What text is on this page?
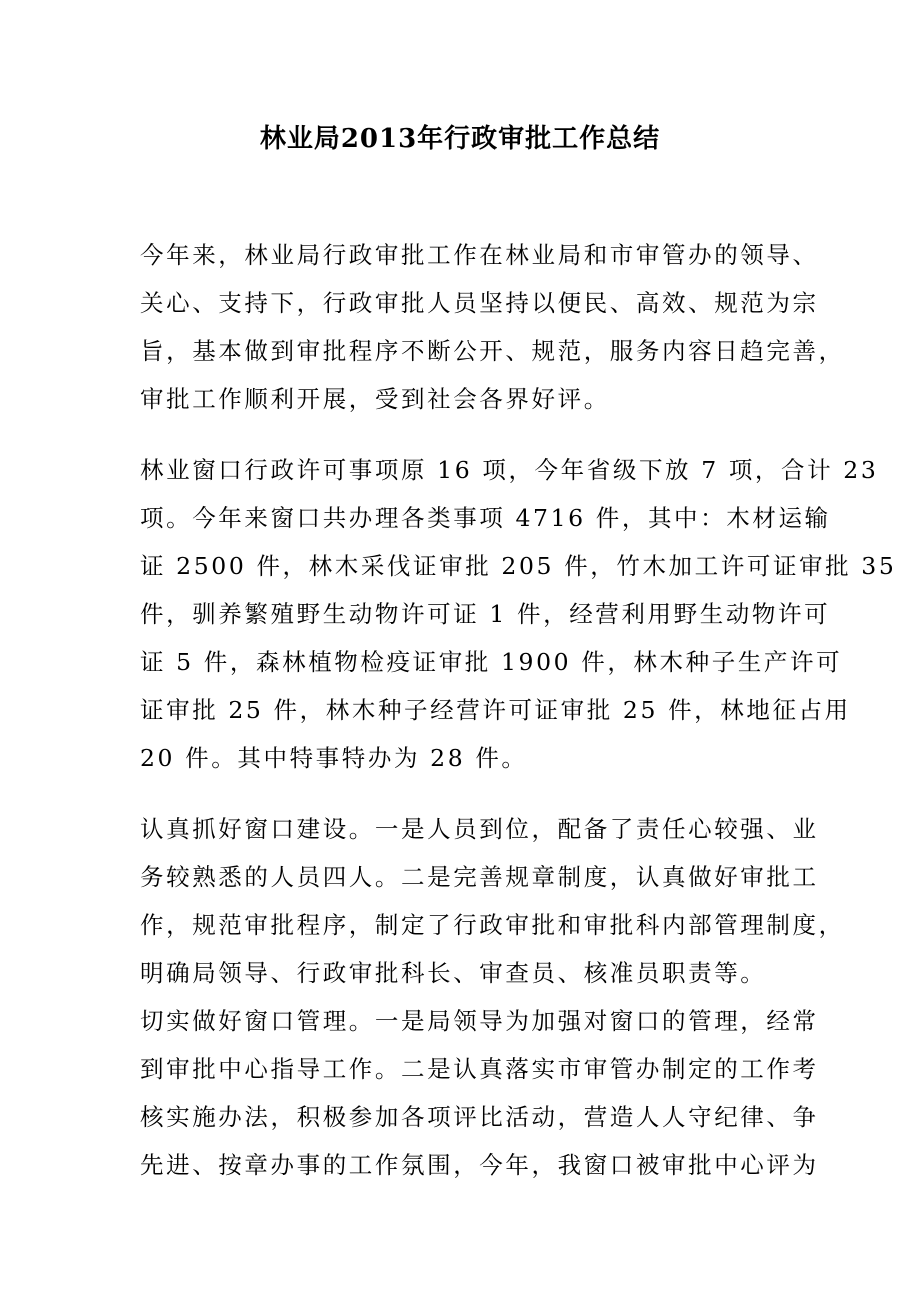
林业局2013年行政审批工作总结
今年来，林业局行政审批工作在林业局和市审管办的领导、
关心、支持下，行政审批人员坚持以便民、高效、规范为宗
旨，基本做到审批程序不断公开、规范，服务内容日趋完善，
审批工作顺利开展，受到社会各界好评。
林业窗口行政许可事项原 16 项，今年省级下放 7 项，合计 23
项。今年来窗口共办理各类事项 4716 件，其中：木材运输
证 2500 件，林木采伐证审批 205 件，竹木加工许可证审批 35
件，驯养繁殖野生动物许可证 1 件，经营利用野生动物许可
证 5 件，森林植物检疫证审批 1900 件，林木种子生产许可
证审批 25 件，林木种子经营许可证审批 25 件，林地征占用
20 件。其中特事特办为 28 件。
认真抓好窗口建设。一是人员到位，配备了责任心较强、业
务较熟悉的人员四人。二是完善规章制度，认真做好审批工
作，规范审批程序，制定了行政审批和审批科内部管理制度，
明确局领导、行政审批科长、审查员、核准员职责等。
切实做好窗口管理。一是局领导为加强对窗口的管理，经常
到审批中心指导工作。二是认真落实市审管办制定的工作考
核实施办法，积极参加各项评比活动，营造人人守纪律、争
先进、按章办事的工作氛围，今年，我窗口被审批中心评为
